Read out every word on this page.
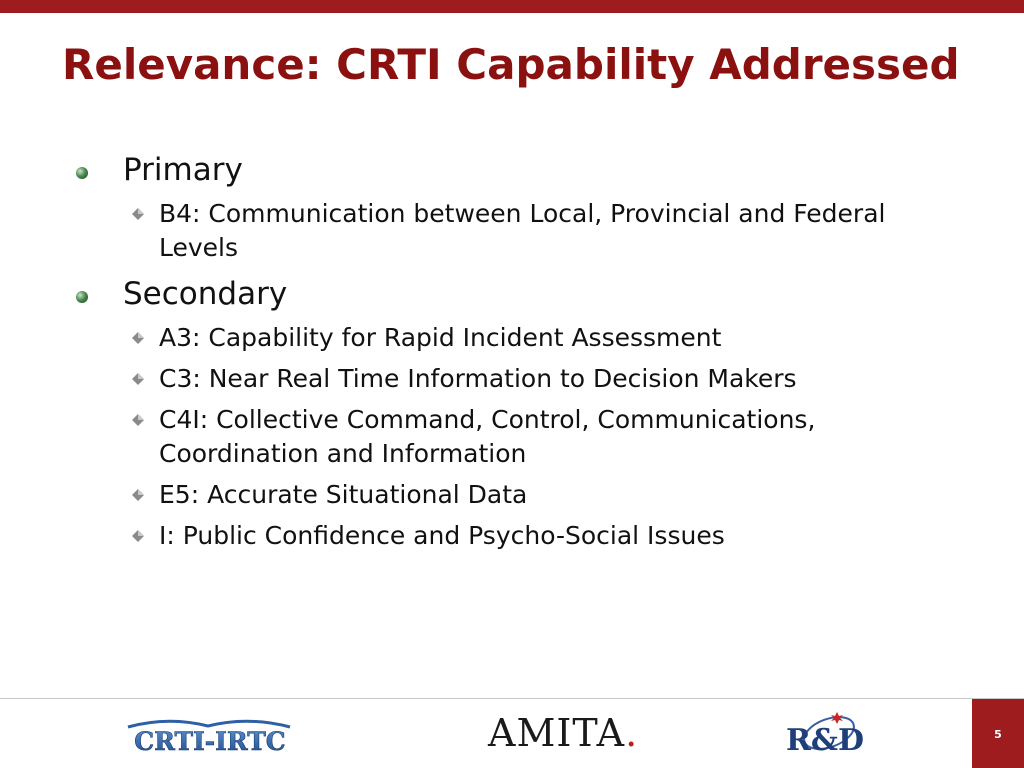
Relevance: CRTI Capability Addressed
Primary
B4: Communication between Local, Provincial and Federal Levels
Secondary
A3: Capability for Rapid Incident Assessment
C3: Near Real Time Information to Decision Makers
C4I: Collective Command, Control, Communications, Coordination and Information
E5: Accurate Situational Data
I: Public Confidence and Psycho-Social Issues
CRTI-IRTC	AMITA.	R&D	5
